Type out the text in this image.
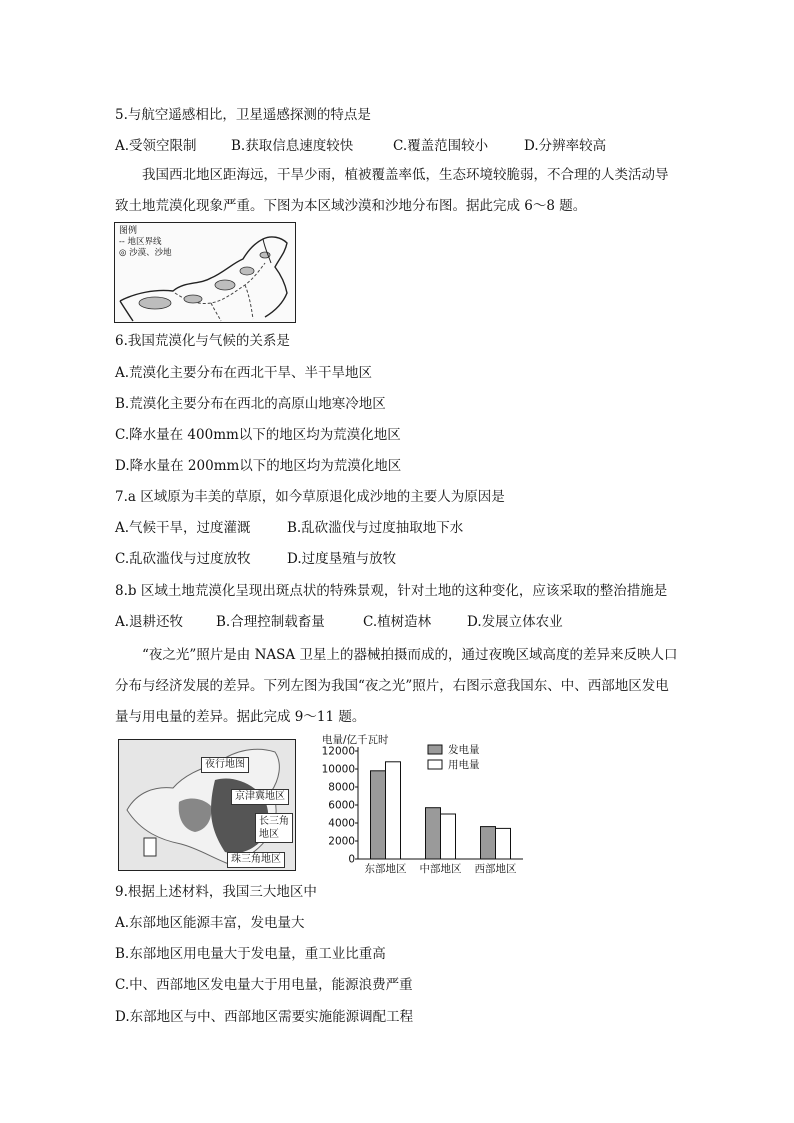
5.与航空遥感相比，卫星遥感探测的特点是
A.受领空限制	B.获取信息速度较快	C.覆盖范围较小	D.分辨率较高
我国西北地区距海远，干旱少雨，植被覆盖率低，生态环境较脆弱，不合理的人类活动导致土地荒漠化现象严重。下图为本区域沙漠和沙地分布图。据此完成 6～8 题。
图例
-- 地区界线
◎ 沙漠、沙地
6.我国荒漠化与气候的关系是
A.荒漠化主要分布在西北干旱、半干旱地区
B.荒漠化主要分布在西北的高原山地寒冷地区
C.降水量在 400mm以下的地区均为荒漠化地区
D.降水量在 200mm以下的地区均为荒漠化地区
7.a 区域原为丰美的草原，如今草原退化成沙地的主要人为原因是
A.气候干旱，过度灌溉	B.乱砍滥伐与过度抽取地下水
C.乱砍滥伐与过度放牧	D.过度垦殖与放牧
8.b 区域土地荒漠化呈现出斑点状的特殊景观，针对土地的这种变化，应该采取的整治措施是
A.退耕还牧 B.合理控制载畜量	C.植树造林	D.发展立体农业
“夜之光”照片是由 NASA 卫星上的器械拍摄而成的，通过夜晚区域高度的差异来反映人口分布与经济发展的差异。下列左图为我国“夜之光”照片，右图示意我国东、中、西部地区发电量与用电量的差异。据此完成 9～11 题。
夜行地图
京津冀地区
长三角地区
珠三角地区
电量/亿千瓦时
12000
10000
8000
6000
4000
2000
0
东部地区 中部地区 西部地区
发电量
用电量
9.根据上述材料，我国三大地区中
A.东部地区能源丰富，发电量大
B.东部地区用电量大于发电量，重工业比重高
C.中、西部地区发电量大于用电量，能源浪费严重
D.东部地区与中、西部地区需要实施能源调配工程
